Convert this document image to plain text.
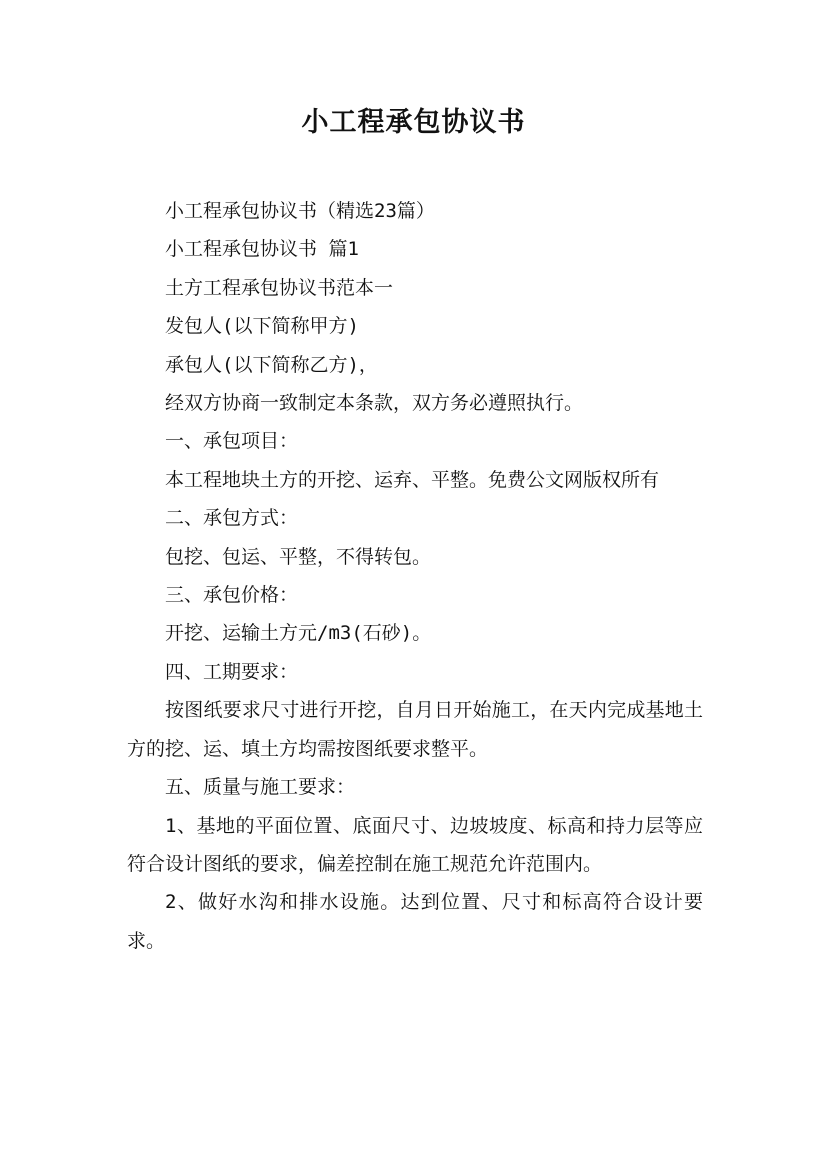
小工程承包协议书

小工程承包协议书（精选23篇）

小工程承包协议书 篇1

土方工程承包协议书范本一

发包人(以下简称甲方)

承包人(以下简称乙方)，

经双方协商一致制定本条款，双方务必遵照执行。

一、承包项目：

本工程地块土方的开挖、运弃、平整。免费公文网版权所有

二、承包方式：

包挖、包运、平整，不得转包。

三、承包价格：

开挖、运输土方元/m3(石砂)。

四、工期要求：

按图纸要求尺寸进行开挖，自月日开始施工，在天内完成基地土方的挖、运、填土方均需按图纸要求整平。

五、质量与施工要求：

1、基地的平面位置、底面尺寸、边坡坡度、标高和持力层等应符合设计图纸的要求，偏差控制在施工规范允许范围内。

2、做好水沟和排水设施。达到位置、尺寸和标高符合设计要求。
